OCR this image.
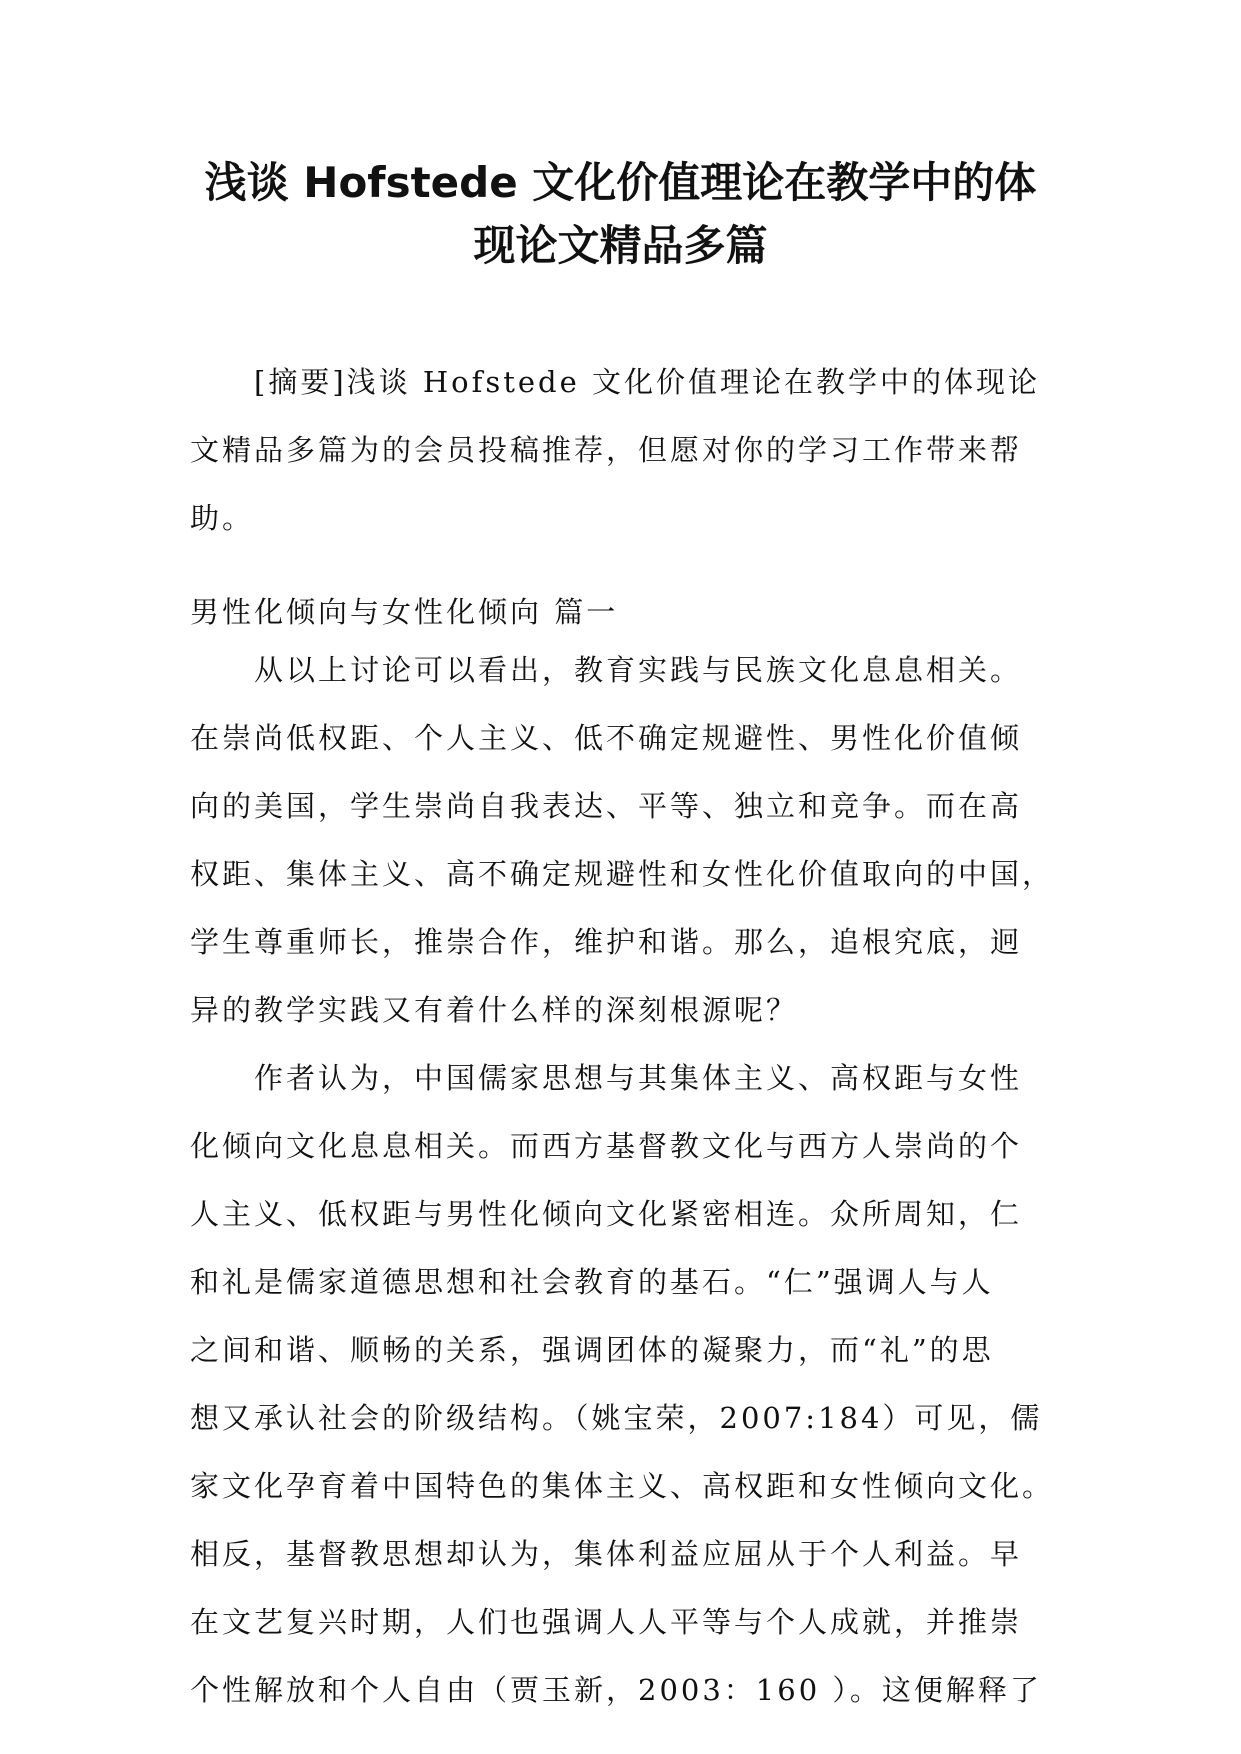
浅谈 Hofstede 文化价值理论在教学中的体
现论文精品多篇
[摘要]浅谈 Hofstede 文化价值理论在教学中的体现论
文精品多篇为的会员投稿推荐，但愿对你的学习工作带来帮
助。
男性化倾向与女性化倾向 篇一
从以上讨论可以看出，教育实践与民族文化息息相关。
在崇尚低权距、个人主义、低不确定规避性、男性化价值倾
向的美国，学生崇尚自我表达、平等、独立和竞争。而在高
权距、集体主义、高不确定规避性和女性化价值取向的中国，
学生尊重师长，推崇合作，维护和谐。那么，追根究底，迥
异的教学实践又有着什么样的深刻根源呢？
作者认为，中国儒家思想与其集体主义、高权距与女性
化倾向文化息息相关。而西方基督教文化与西方人崇尚的个
人主义、低权距与男性化倾向文化紧密相连。众所周知，仁
和礼是儒家道德思想和社会教育的基石。“仁”强调人与人
之间和谐、顺畅的关系，强调团体的凝聚力，而“礼”的思
想又承认社会的阶级结构。（姚宝荣，2007:184）可见，儒
家文化孕育着中国特色的集体主义、高权距和女性倾向文化。
相反，基督教思想却认为，集体利益应屈从于个人利益。早
在文艺复兴时期，人们也强调人人平等与个人成就，并推崇
个性解放和个人自由（贾玉新，2003：160 ）。这便解释了
